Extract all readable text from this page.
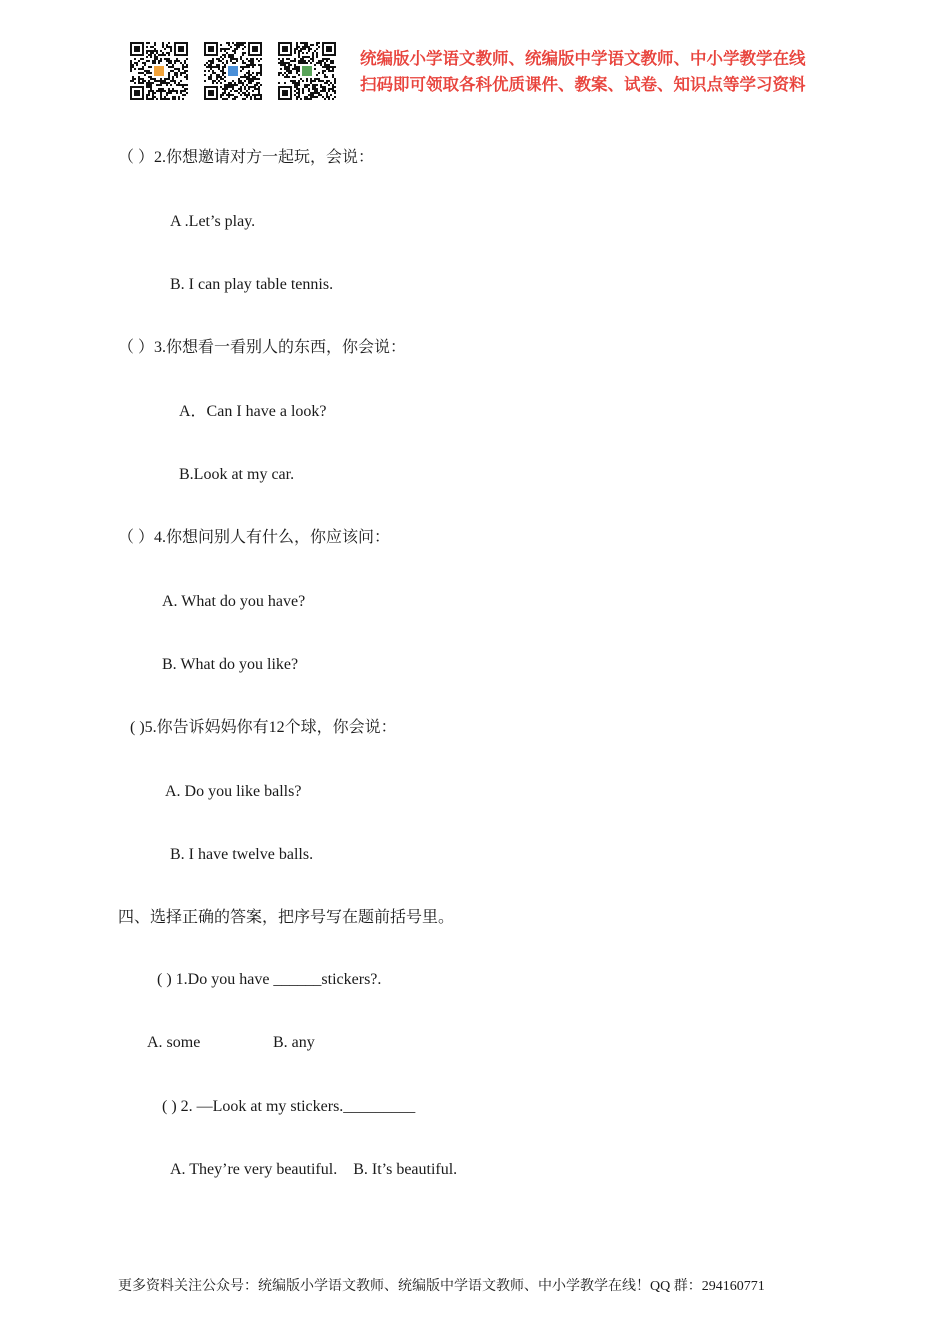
统编版小学语文教师、统编版中学语文教师、中小学教学在线
扫码即可领取各科优质课件、教案、试卷、知识点等学习资料
（ ）2.你想邀请对方一起玩，会说：
A .Let’s play.
B. I can play table tennis.
（ ）3.你想看一看别人的东西，你会说：
A．Can I have a look?
B.Look at my car.
（ ）4.你想问别人有什么，你应该问：
A. What do you have?
B. What do you like?
( )5.你告诉妈妈你有12个球，你会说：
A. Do you like balls?
B. I have twelve balls.
四、选择正确的答案，把序号写在题前括号里。
( ) 1.Do you have ______stickers?.
A. some	B. any
( ) 2. —Look at my stickers._________
A. They’re very beautiful.    B. It’s beautiful.
更多资料关注公众号：统编版小学语文教师、统编版中学语文教师、中小学教学在线！QQ 群：294160771
